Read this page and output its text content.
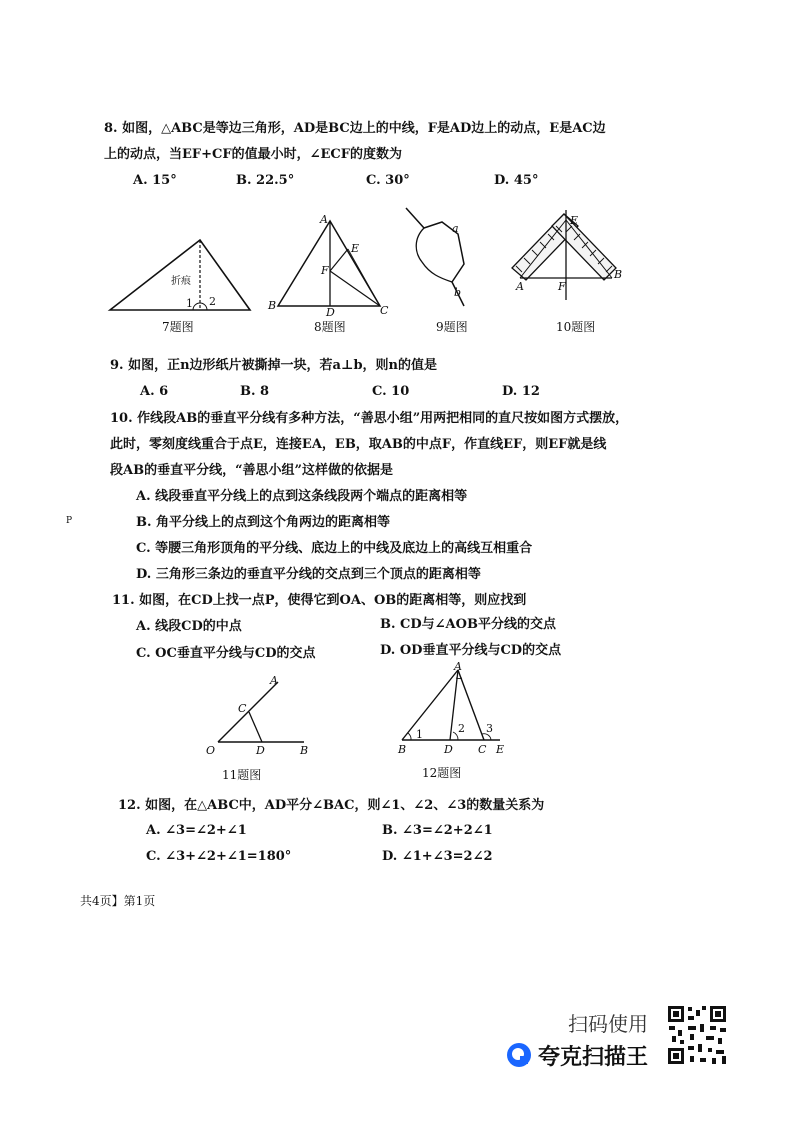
8. 如图，△ABC是等边三角形，AD是BC边上的中线，F是AD边上的动点，E是AC边
上的动点，当EF+CF的值最小时，∠ECF的度数为
A. 15°	B. 22.5°	C. 30°	D. 45°
折痕
1 2
7题图
A
E
F
B
D	C
8题图
a
b
9题图
E
A	F
B
10题图
9. 如图，正n边形纸片被撕掉一块，若a⊥b，则n的值是
A. 6	B. 8	C. 10	D. 12
10. 作线段AB的垂直平分线有多种方法，“善思小组”用两把相同的直尺按如图方式摆放，
此时，零刻度线重合于点E，连接EA，EB，取AB的中点F，作直线EF，则EF就是线
段AB的垂直平分线，“善思小组”这样做的依据是
A. 线段垂直平分线上的点到这条线段两个端点的距离相等
P	B. 角平分线上的点到这个角两边的距离相等
C. 等腰三角形顶角的平分线、底边上的中线及底边上的高线互相重合
D. 三角形三条边的垂直平分线的交点到三个顶点的距离相等
11. 如图，在CD上找一点P，使得它到OA、OB的距离相等，则应找到
A. 线段CD的中点	B. CD与∠AOB平分线的交点
C. OC垂直平分线与CD的交点	D. OD垂直平分线与CD的交点
A
C
O	D	B
11题图
A
1	2 3
B	D C E
12题图
12. 如图，在△ABC中，AD平分∠BAC，则∠1、∠2、∠3的数量关系为
A. ∠3=∠2+∠1	B. ∠3=∠2+2∠1
C. ∠3+∠2+∠1=180°	D. ∠1+∠3=2∠2
共4页】第1页
扫码使用
夸克扫描王
